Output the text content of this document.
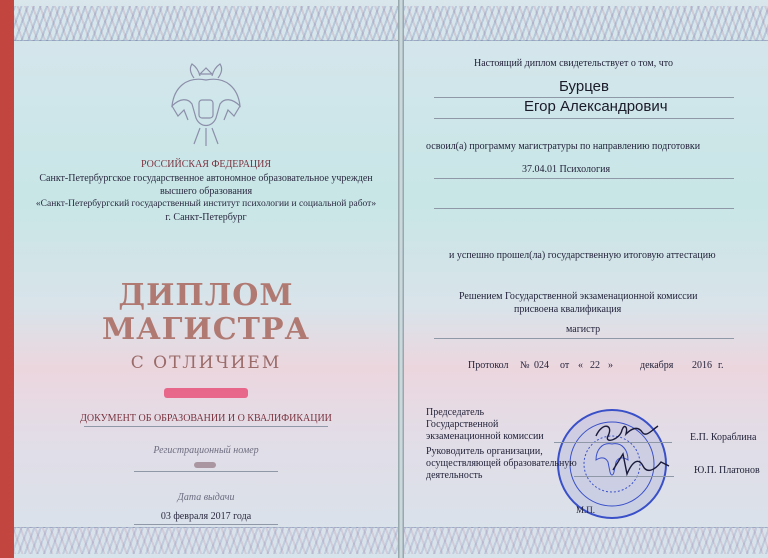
РОССИЙСКАЯ ФЕДЕРАЦИЯ
Санкт-Петербургское государственное автономное образовательное учрежден
высшего образования
«Санкт-Петербургский государственный институт психологии и социальной работ»
г. Санкт-Петербург
ДИПЛОМ
МАГИСТРА
С ОТЛИЧИЕМ
ДОКУМЕНТ ОБ ОБРАЗОВАНИИ И О КВАЛИФИКАЦИИ
Регистрационный номер
Дата выдачи
03 февраля 2017 года
Настоящий диплом свидетельствует о том, что
Бурцев
Егор Александрович
освоил(а) программу магистратуры по направлению подготовки
37.04.01 Психология
и успешно прошел(ла) государственную итоговую аттестацию
Решением Государственной экзаменационной комиссии
присвоена квалификация
магистр
Протокол № 024 от « 22 »	декабря 2016 г.
Председатель
Государственной
экзаменационной комиссии	Е.П. Кораблина
Руководитель организации,
осуществляющей образовательную
деятельность	Ю.П. Платонов
М.П.
